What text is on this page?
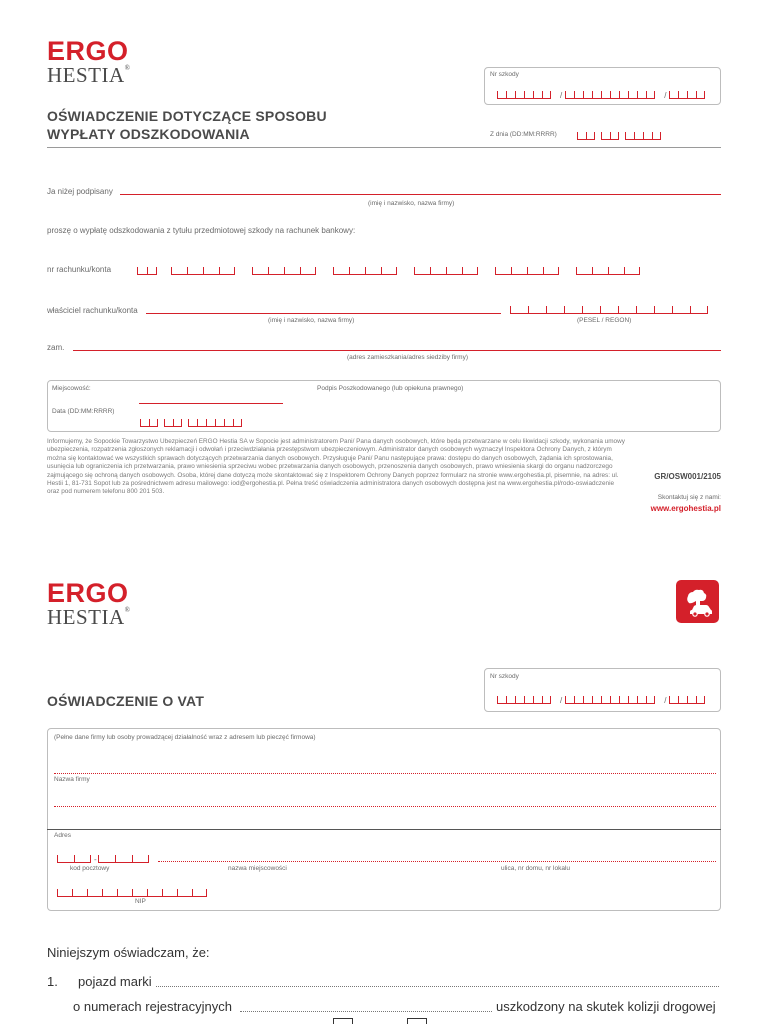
ERGO
HESTIA®
Nr szkody
/	/
OŚWIADCZENIE DOTYCZĄCE SPOSOBU
WYPŁATY ODSZKODOWANIA	Z dnia (DD:MM:RRRR)
Ja niżej podpisany
(imię i nazwisko, nazwa firmy)
proszę o wypłatę odszkodowania z tytułu przedmiotowej szkody na rachunek bankowy:
nr rachunku/konta
właściciel rachunku/konta
(imię i nazwisko, nazwa firmy)	(PESEL / REGON)
zam.
(adres zamieszkania/adres siedziby firmy)
Miejscowość:	Podpis Poszkodowanego (lub opiekuna prawnego)
Data (DD:MM:RRRR)
Informujemy, że Sopockie Towarzystwo Ubezpieczeń ERGO Hestia SA w Sopocie jest administratorem Pani/ Pana danych osobowych, które będą przetwarzane w celu likwidacji szkody, wykonania umowy ubezpieczenia, rozpatrzenia zgłoszonych reklamacji i odwołań i przeciwdziałania przestępstwom ubezpieczeniowym. Administrator danych osobowych wyznaczył Inspektora Ochrony Danych, z którym można się kontaktować we wszystkich sprawach dotyczących przetwarzania danych osobowych. Przysługuje Pani/ Panu następujące prawa: dostępu do danych osobowych, żądania ich sprostowania, usunięcia lub ograniczenia ich przetwarzania, prawo wniesienia sprzeciwu wobec przetwarzania danych osobowych, przenoszenia danych osobowych, prawo wniesienia skargi do organu nadzorczego zajmującego się ochroną danych osobowych. Osoba, której dane dotyczą może skontaktować się z Inspektorem Ochrony Danych poprzez formularz na stronie www.ergohestia.pl, pisemnie, na adres: ul. Hestii 1, 81-731 Sopot lub za pośrednictwem adresu mailowego: iod@ergohestia.pl. Pełna treść oświadczenia administratora danych osobowych dostępna jest na www.ergohestia.pl/rodo-oswiadczenie oraz pod numerem telefonu 800 201 503.
GR/OSW001/2105
Skontaktuj się z nami:
www.ergohestia.pl
ERGO
HESTIA®
Nr szkody
/	/
OŚWIADCZENIE O VAT
(Pełne dane firmy lub osoby prowadzącej działalność wraz z adresem lub pieczęć firmowa)
Nazwa firmy
Adres
-
kod pocztowy	nazwa miejscowości	ulica, nr domu, nr lokalu
NIP
Niniejszym oświadczam, że:
1. pojazd marki
o numerach rejestracyjnych	uszkodzony na skutek kolizji drogowej
